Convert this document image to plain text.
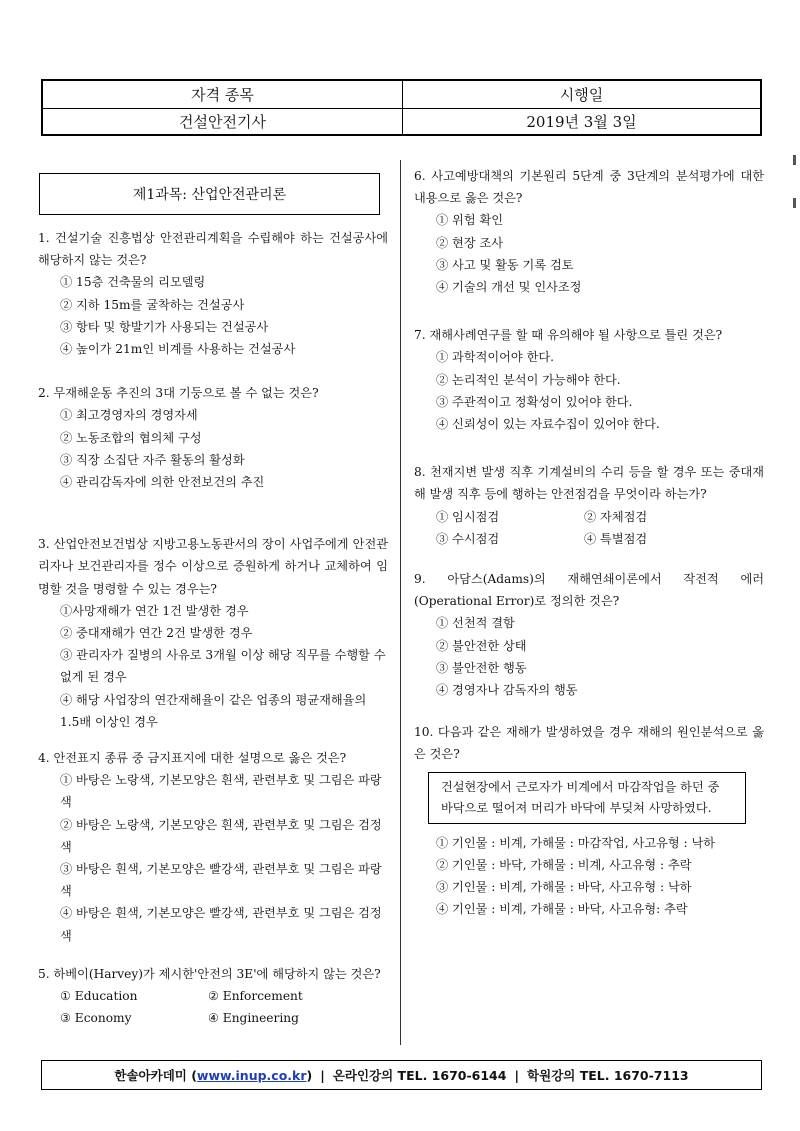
자격 종목	시행일
건설안전기사	2019년 3월 3일
제1과목: 산업안전관리론
1. 건설기술 진흥법상 안전관리계획을 수립해야 하는 건설공사에 해당하지 않는 것은?
① 15층 건축물의 리모델링
② 지하 15m를 굴착하는 건설공사
③ 항타 및 항발기가 사용되는 건설공사
④ 높이가 21m인 비계를 사용하는 건설공사
2. 무재해운동 추진의 3대 기둥으로 볼 수 없는 것은?
① 최고경영자의 경영자세
② 노동조합의 협의체 구성
③ 직장 소집단 자주 활동의 활성화
④ 관리감독자에 의한 안전보건의 추진
3. 산업안전보건법상 지방고용노동관서의 장이 사업주에게 안전관리자나 보건관리자를 정수 이상으로 증원하게 하거나 교체하여 임명할 것을 명령할 수 있는 경우는?
①사망재해가 연간 1건 발생한 경우
② 중대재해가 연간 2건 발생한 경우
③ 관리자가 질병의 사유로 3개월 이상 해당 직무를 수행할 수 없게 된 경우
④ 해당 사업장의 연간재해율이 같은 업종의 평균재해율의 1.5배 이상인 경우
4. 안전표지 종류 중 금지표지에 대한 설명으로 옳은 것은?
① 바탕은 노랑색, 기본모양은 흰색, 관련부호 및 그림은 파랑색
② 바탕은 노랑색, 기본모양은 흰색, 관련부호 및 그림은 검정색
③ 바탕은 흰색, 기본모양은 빨강색, 관련부호 및 그림은 파랑색
④ 바탕은 흰색, 기본모양은 빨강색, 관련부호 및 그림은 검정색
5. 하베이(Harvey)가 제시한'안전의 3E'에 해당하지 않는 것은?
① Education	② Enforcement
③ Economy	④ Engineering
6. 사고예방대책의 기본원리 5단계 중 3단계의 분석평가에 대한 내용으로 옳은 것은?
① 위험 확인
② 현장 조사
③ 사고 및 활동 기록 검토
④ 기술의 개선 및 인사조정
7. 재해사례연구를 할 때 유의해야 될 사항으로 틀린 것은?
① 과학적이어야 한다.
② 논리적인 분석이 가능해야 한다.
③ 주관적이고 정확성이 있어야 한다.
④ 신뢰성이 있는 자료수집이 있어야 한다.
8. 천재지변 발생 직후 기계설비의 수리 등을 할 경우 또는 중대재해 발생 직후 등에 행하는 안전점검을 무엇이라 하는가?
① 임시점검	② 자체점검
③ 수시점검	④ 특별점검
9. 아담스(Adams)의 재해연쇄이론에서 작전적 에러(Operational Error)로 정의한 것은?
① 선천적 결함
② 불안전한 상태
③ 불안전한 행동
④ 경영자나 감독자의 행동
10. 다음과 같은 재해가 발생하였을 경우 재해의 원인분석으로 옳은 것은?
건설현장에서 근로자가 비계에서 마감작업을 하던 중 바닥으로 떨어져 머리가 바닥에 부딪쳐 사망하였다.
① 기인물 : 비계, 가해물 : 마감작업, 사고유형 : 낙하
② 기인물 : 바닥, 가해물 : 비계, 사고유형 : 추락
③ 기인물 : 비계, 가해물 : 바닥, 사고유형 : 낙하
④ 기인물 : 비계, 가해물 : 바닥, 사고유형: 추락
한솔아카데미 ( www.inup.co.kr ) | 온라인강의 TEL. 1670-6144 | 학원강의 TEL. 1670-7113
